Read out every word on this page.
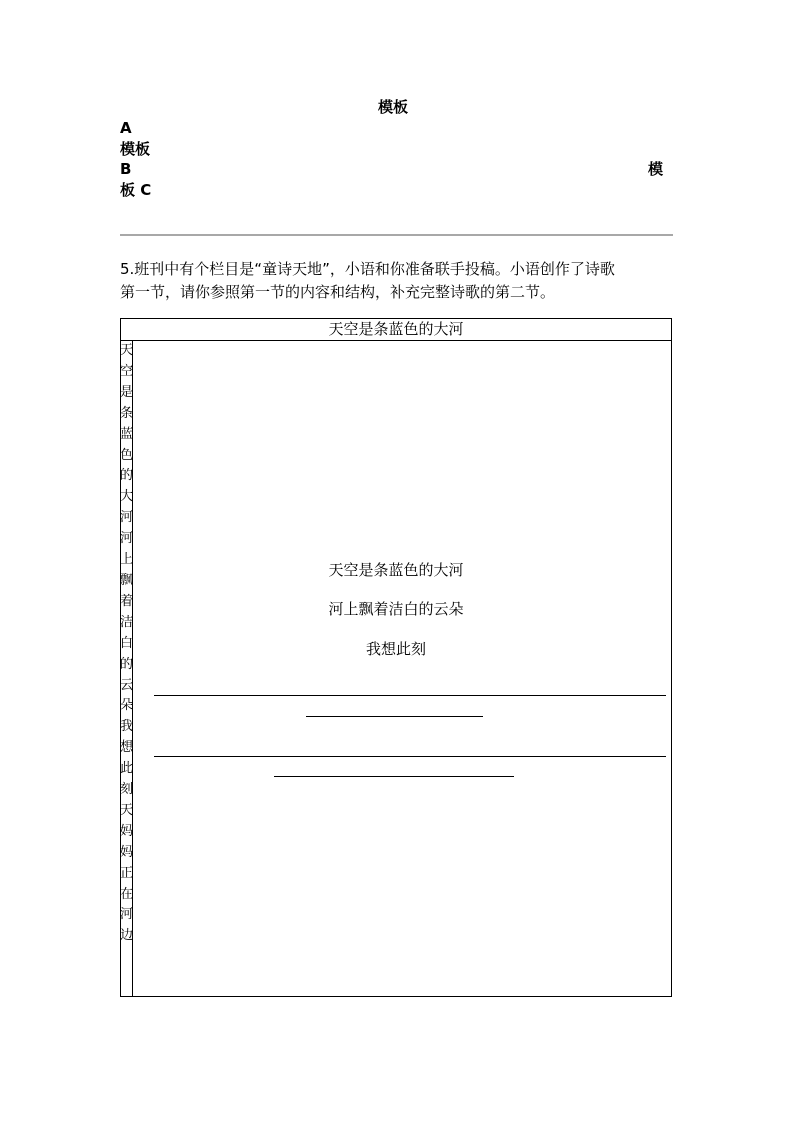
模板
A
模板
B	模
板 C
5.班刊中有个栏目是“童诗天地”，小语和你准备联手投稿。小语创作了诗歌
第一节，请你参照第一节的内容和结构，补充完整诗歌的第二节。
天空是条蓝色的大河
天空是条蓝色的大河　河上飘着洁白的云朵　我想此刻　天妈妈正在河边
天空是条蓝色的大河
河上飘着洁白的云朵
我想此刻
